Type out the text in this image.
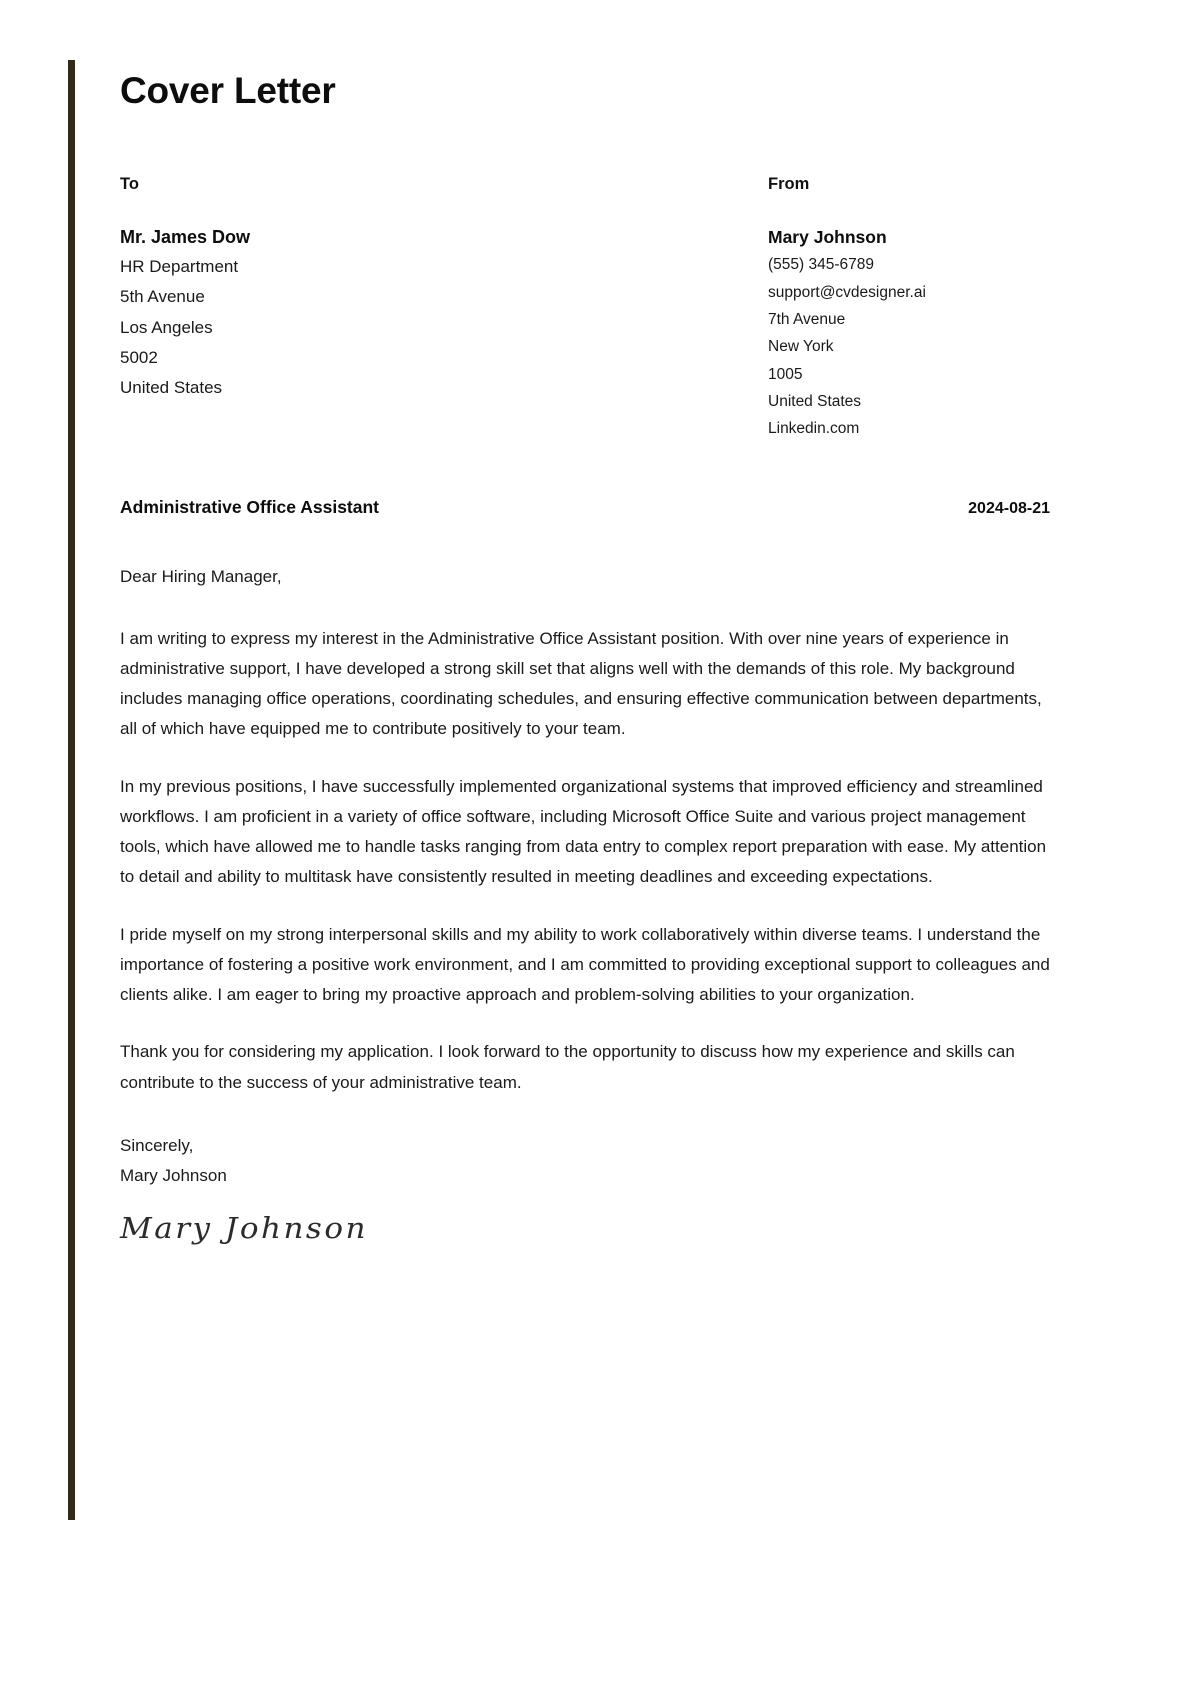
Cover Letter
To
Mr. James Dow
HR Department
5th Avenue
Los Angeles
5002
United States
From
Mary Johnson
(555) 345-6789
support@cvdesigner.ai
7th Avenue
New York
1005
United States
Linkedin.com
Administrative Office Assistant	2024-08-21

Dear Hiring Manager,

I am writing to express my interest in the Administrative Office Assistant position. With over nine years of experience in administrative support, I have developed a strong skill set that aligns well with the demands of this role. My background includes managing office operations, coordinating schedules, and ensuring effective communication between departments, all of which have equipped me to contribute positively to your team.

In my previous positions, I have successfully implemented organizational systems that improved efficiency and streamlined workflows. I am proficient in a variety of office software, including Microsoft Office Suite and various project management tools, which have allowed me to handle tasks ranging from data entry to complex report preparation with ease. My attention to detail and ability to multitask have consistently resulted in meeting deadlines and exceeding expectations.

I pride myself on my strong interpersonal skills and my ability to work collaboratively within diverse teams. I understand the importance of fostering a positive work environment, and I am committed to providing exceptional support to colleagues and clients alike. I am eager to bring my proactive approach and problem-solving abilities to your organization.

Thank you for considering my application. I look forward to the opportunity to discuss how my experience and skills can contribute to the success of your administrative team.

Sincerely,
Mary Johnson
Mary Johnson
